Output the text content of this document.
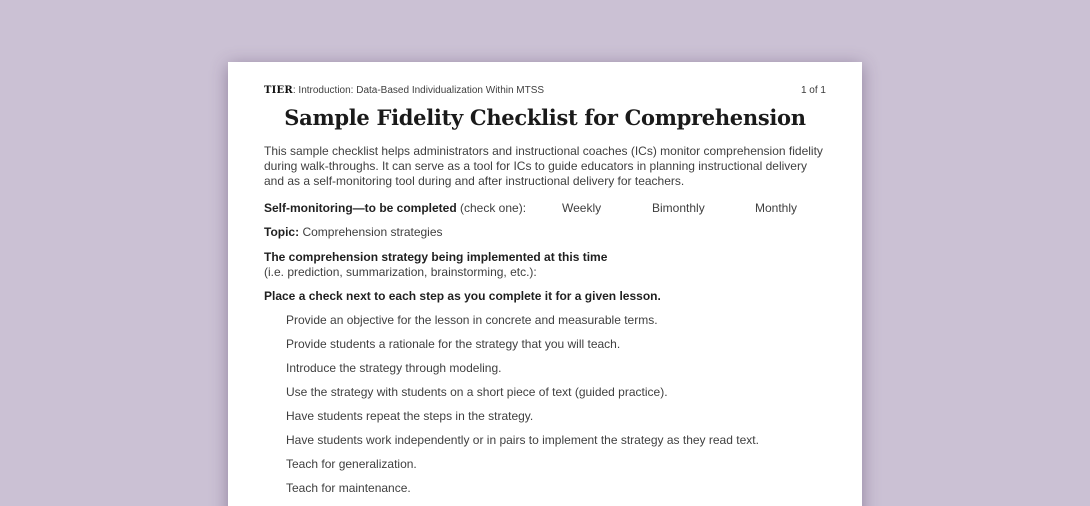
TIER: Introduction: Data-Based Individualization Within MTSS	1 of 1
Sample Fidelity Checklist for Comprehension

This sample checklist helps administrators and instructional coaches (ICs) monitor comprehension fidelity during walk-throughs. It can serve as a tool for ICs to guide educators in planning instructional delivery and as a self-monitoring tool during and after instructional delivery for teachers.

Self-monitoring—to be completed (check one):	Weekly	Bimonthly	Monthly
Topic: Comprehension strategies
The comprehension strategy being implemented at this time
(i.e. prediction, summarization, brainstorming, etc.):
Place a check next to each step as you complete it for a given lesson.
Provide an objective for the lesson in concrete and measurable terms.
Provide students a rationale for the strategy that you will teach.
Introduce the strategy through modeling.
Use the strategy with students on a short piece of text (guided practice).
Have students repeat the steps in the strategy.
Have students work independently or in pairs to implement the strategy as they read text.
Teach for generalization.
Teach for maintenance.
